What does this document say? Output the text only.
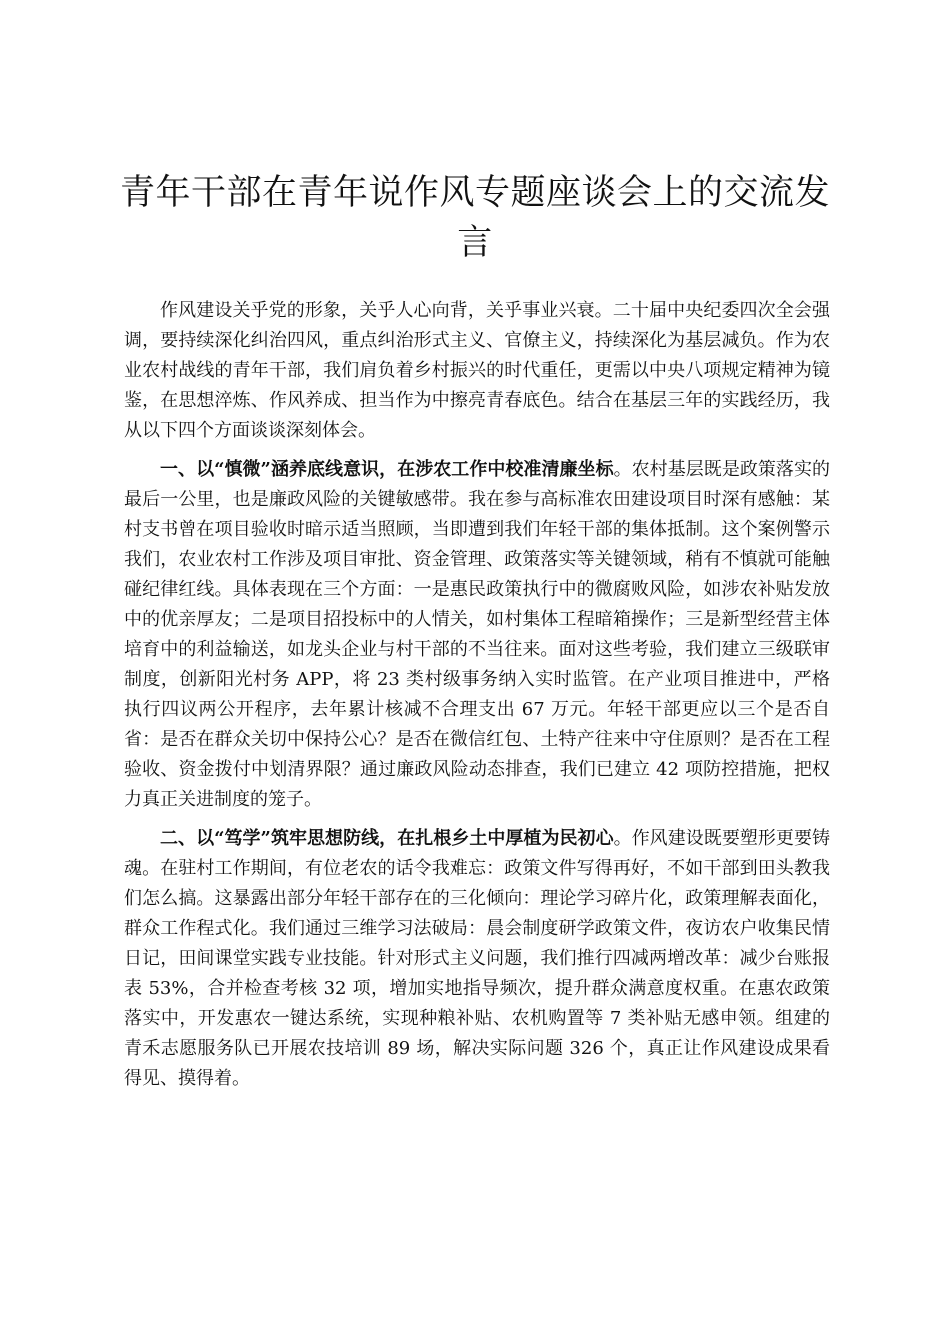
青年干部在青年说作风专题座谈会上的交流发言

作风建设关乎党的形象，关乎人心向背，关乎事业兴衰。二十届中央纪委四次全会强调，要持续深化纠治四风，重点纠治形式主义、官僚主义，持续深化为基层减负。作为农业农村战线的青年干部，我们肩负着乡村振兴的时代重任，更需以中央八项规定精神为镜鉴，在思想淬炼、作风养成、担当作为中擦亮青春底色。结合在基层三年的实践经历，我从以下四个方面谈谈深刻体会。

一、以“慎微”涵养底线意识，在涉农工作中校准清廉坐标。农村基层既是政策落实的最后一公里，也是廉政风险的关键敏感带。我在参与高标准农田建设项目时深有感触：某村支书曾在项目验收时暗示适当照顾，当即遭到我们年轻干部的集体抵制。这个案例警示我们，农业农村工作涉及项目审批、资金管理、政策落实等关键领域，稍有不慎就可能触碰纪律红线。具体表现在三个方面：一是惠民政策执行中的微腐败风险，如涉农补贴发放中的优亲厚友；二是项目招投标中的人情关，如村集体工程暗箱操作；三是新型经营主体培育中的利益输送，如龙头企业与村干部的不当往来。面对这些考验，我们建立三级联审制度，创新阳光村务 APP，将 23 类村级事务纳入实时监管。在产业项目推进中，严格执行四议两公开程序，去年累计核减不合理支出 67 万元。年轻干部更应以三个是否自省：是否在群众关切中保持公心？是否在微信红包、土特产往来中守住原则？是否在工程验收、资金拨付中划清界限？通过廉政风险动态排查，我们已建立 42 项防控措施，把权力真正关进制度的笼子。

二、以“笃学”筑牢思想防线，在扎根乡土中厚植为民初心。作风建设既要塑形更要铸魂。在驻村工作期间，有位老农的话令我难忘：政策文件写得再好，不如干部到田头教我们怎么搞。这暴露出部分年轻干部存在的三化倾向：理论学习碎片化，政策理解表面化，群众工作程式化。我们通过三维学习法破局：晨会制度研学政策文件，夜访农户收集民情日记，田间课堂实践专业技能。针对形式主义问题，我们推行四减两增改革：减少台账报表 53%，合并检查考核 32 项，增加实地指导频次，提升群众满意度权重。在惠农政策落实中，开发惠农一键达系统，实现种粮补贴、农机购置等 7 类补贴无感申领。组建的青禾志愿服务队已开展农技培训 89 场，解决实际问题 326 个，真正让作风建设成果看得见、摸得着。
